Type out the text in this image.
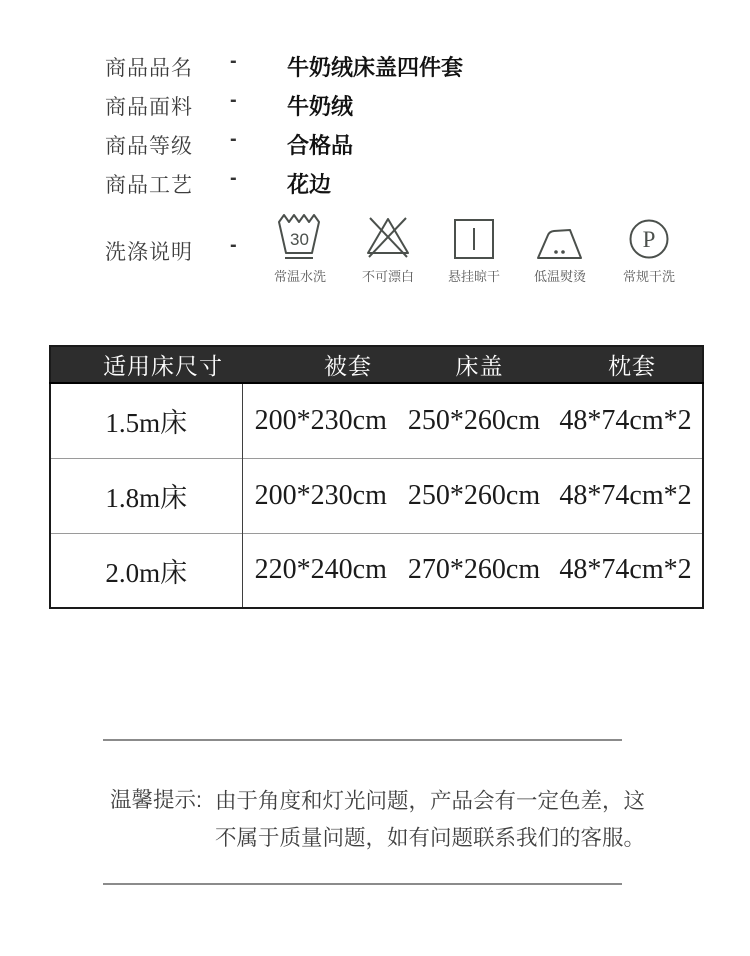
商品品名 - 牛奶绒床盖四件套
商品面料 - 牛奶绒
商品等级 - 合格品
商品工艺 - 花边
洗涤说明 -	30
常温水洗	不可漂白	悬挂晾干	低温熨烫
P
常规干洗
适用床尺寸	被套	床盖	枕套
1.5m床	200*230cm	250*260cm	48*74cm*2
1.8m床	200*230cm	250*260cm	48*74cm*2
2.0m床	220*240cm	270*260cm	48*74cm*2
温馨提示: 由于角度和灯光问题，产品会有一定色差，这
不属于质量问题，如有问题联系我们的客服。
